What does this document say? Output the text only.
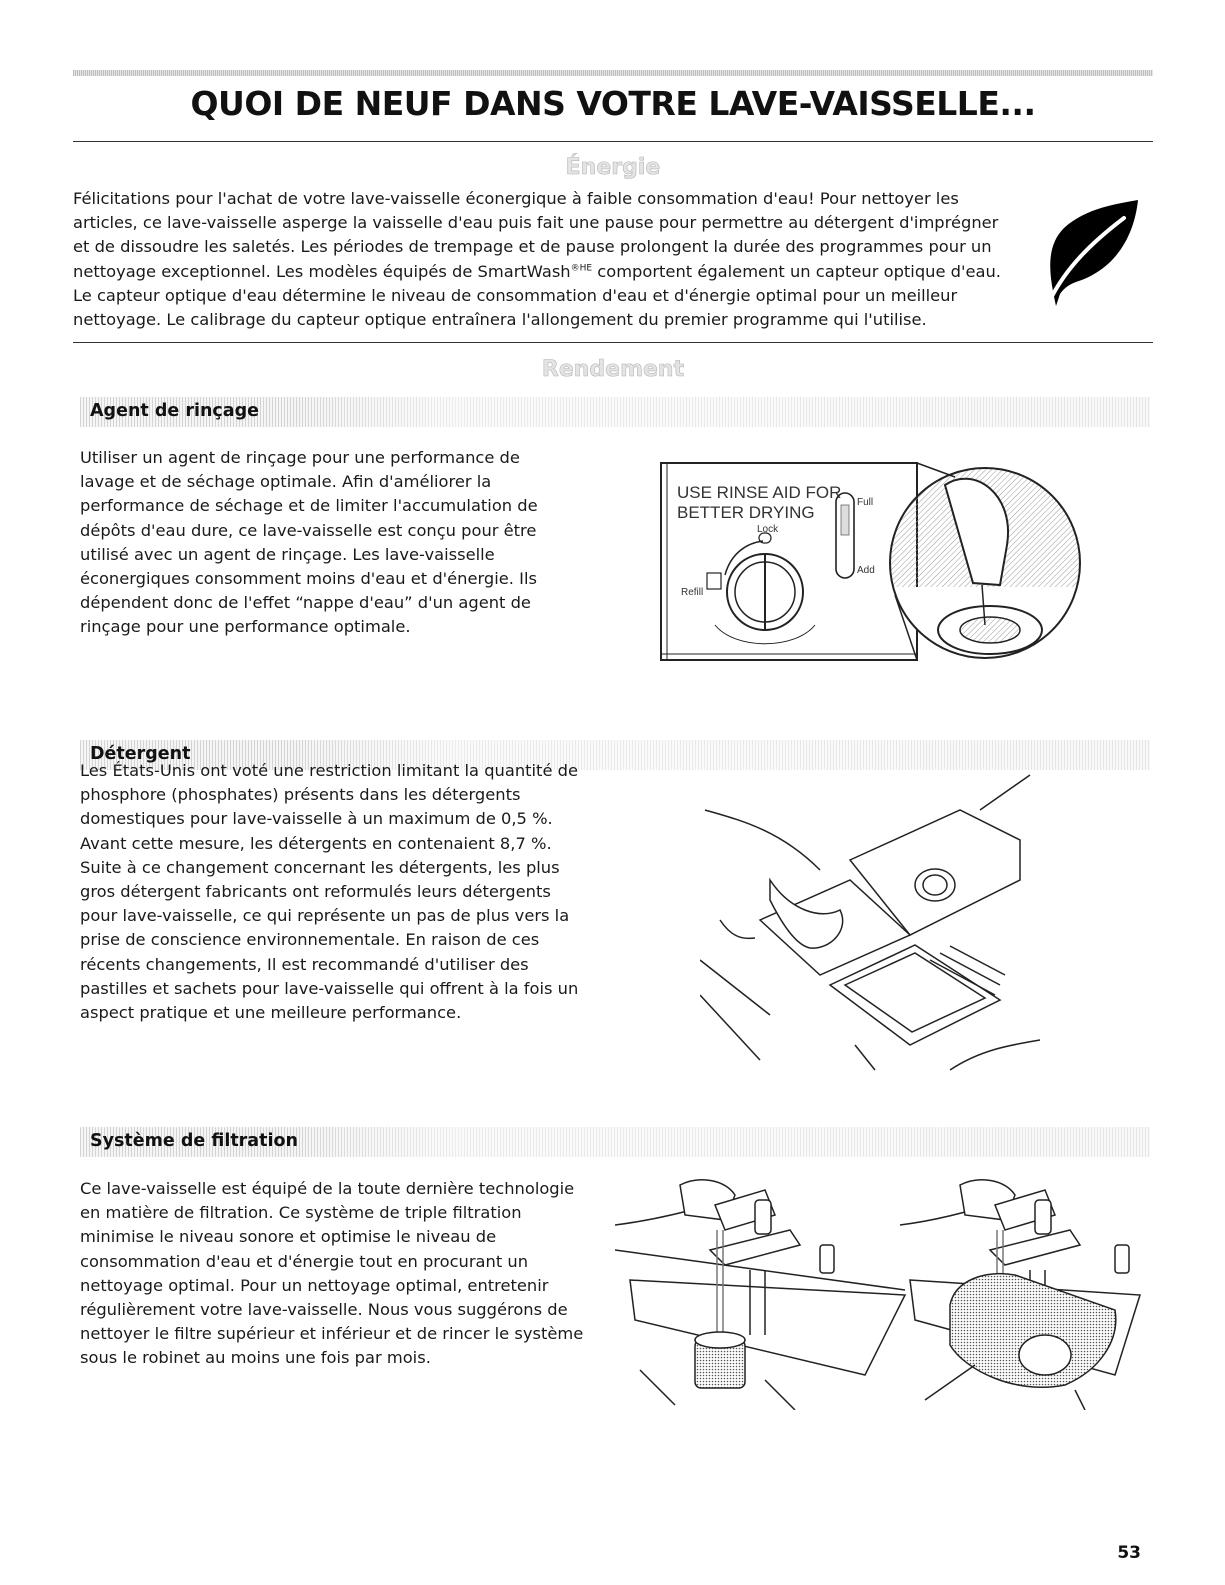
QUOI DE NEUF DANS VOTRE LAVE-VAISSELLE...
Énergie
Félicitations pour l'achat de votre lave-vaisselle éconergique à faible consommation d'eau! Pour nettoyer les
articles, ce lave-vaisselle asperge la vaisselle d'eau puis fait une pause pour permettre au détergent d'imprégner
et de dissoudre les saletés. Les périodes de trempage et de pause prolongent la durée des programmes pour un
nettoyage exceptionnel. Les modèles équipés de SmartWash$^{®HE}$ comportent également un capteur optique d'eau.
Le capteur optique d'eau détermine le niveau de consommation d'eau et d'énergie optimal pour un meilleur
nettoyage. Le calibrage du capteur optique entraînera l'allongement du premier programme qui l'utilise.
Rendement
Agent de rinçage
Utiliser un agent de rinçage pour une performance de
lavage et de séchage optimale. Afin d'améliorer la
performance de séchage et de limiter l'accumulation de
dépôts d'eau dure, ce lave-vaisselle est conçu pour être
utilisé avec un agent de rinçage. Les lave-vaisselle
éconergiques consomment moins d'eau et d'énergie. Ils
dépendent donc de l'effet “nappe d'eau” d'un agent de
rinçage pour une performance optimale.
USE RINSE AID FOR
BETTER DRYING
Lock
Refill
Full
Add
Détergent
Les États-Unis ont voté une restriction limitant la quantité de
phosphore (phosphates) présents dans les détergents
domestiques pour lave-vaisselle à un maximum de 0,5 %.
Avant cette mesure, les détergents en contenaient 8,7 %.
Suite à ce changement concernant les détergents, les plus
gros détergent fabricants ont reformulés leurs détergents
pour lave-vaisselle, ce qui représente un pas de plus vers la
prise de conscience environnementale. En raison de ces
récents changements, Il est recommandé d'utiliser des
pastilles et sachets pour lave-vaisselle qui offrent à la fois un
aspect pratique et une meilleure performance.
Système de filtration
Ce lave-vaisselle est équipé de la toute dernière technologie
en matière de filtration. Ce système de triple filtration
minimise le niveau sonore et optimise le niveau de
consommation d'eau et d'énergie tout en procurant un
nettoyage optimal. Pour un nettoyage optimal, entretenir
régulièrement votre lave-vaisselle. Nous vous suggérons de
nettoyer le filtre supérieur et inférieur et de rincer le système
sous le robinet au moins une fois par mois.
53
